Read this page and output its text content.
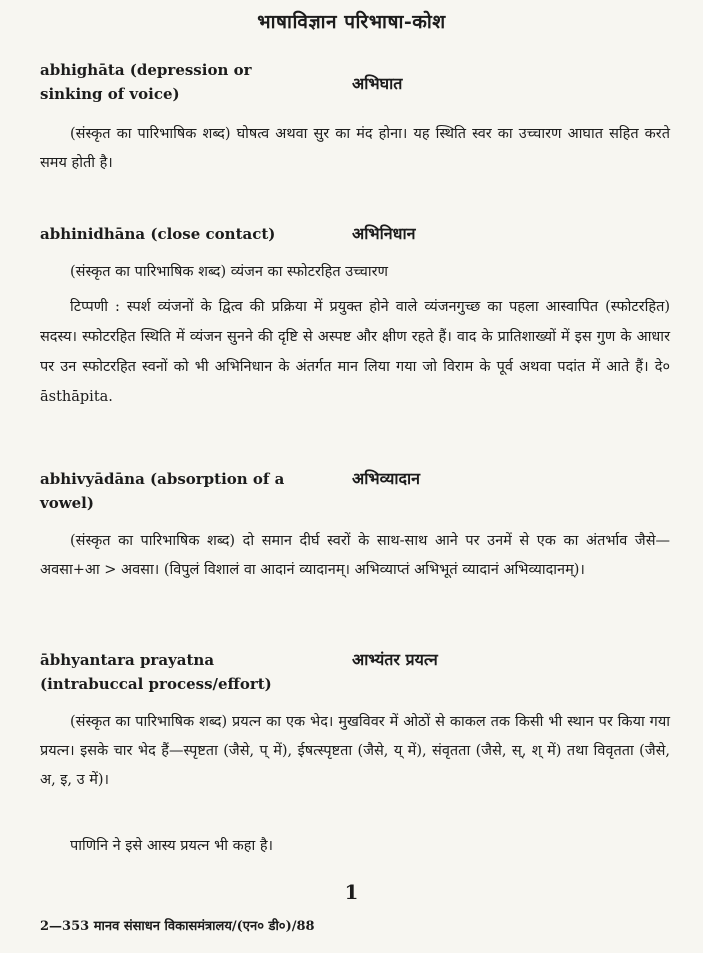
भाषाविज्ञान परिभाषा-कोश
abhighāta (depression or sinking of voice)
अभिघात
(संस्कृत का पारिभाषिक शब्द) घोषत्व अथवा सुर का मंद होना। यह स्थिति स्वर का उच्चारण आघात सहित करते समय होती है।
abhinidhāna (close contact)	अभिनिधान
(संस्कृत का पारिभाषिक शब्द) व्यंजन का स्फोटरहित उच्चारण
टिप्पणी : स्पर्श व्यंजनों के द्वित्व की प्रक्रिया में प्रयुक्त होने वाले व्यंजनगुच्छ का पहला आस्वापित (स्फोटरहित) सदस्य। स्फोटरहित स्थिति में व्यंजन सुनने की दृष्टि से अस्पष्ट और क्षीण रहते हैं। वाद के प्रातिशाख्यों में इस गुण के आधार पर उन स्फोटरहित स्वनों को भी अभिनिधान के अंतर्गत मान लिया गया जो विराम के पूर्व अथवा पदांत में आते हैं। दे० āsthāpita.
abhivyādāna (absorption of a vowel)
अभिव्यादान
(संस्कृत का पारिभाषिक शब्द) दो समान दीर्घ स्वरों के साथ-साथ आने पर उनमें से एक का अंतर्भाव जैसे—अवसा+आ > अवसा। (विपुलं विशालं वा आदानं व्यादानम्। अभिव्याप्तं अभिभूतं व्यादानं अभिव्यादानम्)।
ābhyantara prayatna (intrabuccal process/effort)
आभ्यंतर प्रयत्न
(संस्कृत का पारिभाषिक शब्द) प्रयत्न का एक भेद। मुखविवर में ओठों से काकल तक किसी भी स्थान पर किया गया प्रयत्न। इसके चार भेद हैं—स्पृष्टता (जैसे, प् में), ईषत्स्पृष्टता (जैसे, य् में), संवृतता (जैसे, स्, श् में) तथा विवृतता (जैसे, अ, इ, उ में)।
पाणिनि ने इसे आस्य प्रयत्न भी कहा है।
1
2—353 मानव संसाधन विकासमंत्रालय/(एन० डी०)/88
